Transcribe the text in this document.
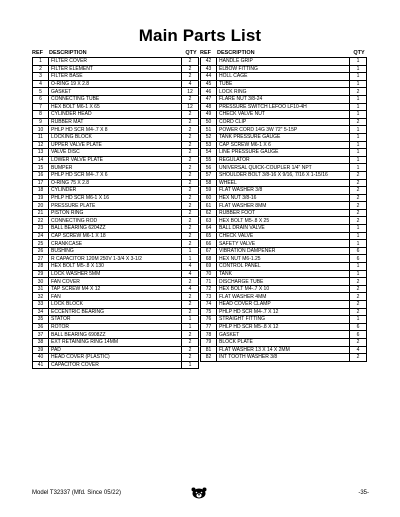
Main Parts List
REF	DESCRIPTION	QTY
1	FILTER COVER	2
2	FILTER ELEMENT	2
3	FILTER BASE	2
4	O-RING 19 X 2.8	4
5	GASKET	12
6	CONNECTING TUBE	2
7	HEX BOLT M6-1 X 65	12
8	CYLINDER HEAD	2
9	RUBBER MAT	2
10	PHLP HD SCR M4-.7 X 8	2
11	LOCKING BLOCK	2
12	UPPER VALVE PLATE	2
13	VALVE DISC	2
14	LOWER VALVE PLATE	2
15	BUMPER	2
16	PHLP HD SCR M4-.7 X 6	2
17	O-RING 75 X 2.8	2
18	CYLINDER	2
19	PHLP HD SCR M6-1 X 16	2
20	PRESSURE PLATE	2
21	PISTON RING	2
22	CONNECTING ROD	2
23	BALL BEARING 6204ZZ	2
24	CAP SCREW M6-1 X 18	2
25	CRANKCASE	2
26	BUSHING	1
27	R CAPACITOR 120M 250V 1-3/4 X 3-1/2	1
28	HEX BOLT M5-.8 X 130	4
29	LOCK WASHER 5MM	4
30	FAN COVER	2
31	TAP SCREW M4 X 12	4
32	FAN	2
33	LOCK BLOCK	2
34	ECCENTRIC BEARING	2
35	STATOR	1
36	ROTOR	1
37	BALL BEARING 6908ZZ	2
38	EXT RETAINING RING 14MM	2
39	PAD	2
40	HEAD COVER (PLASTIC)	2
41	CAPACITOR COVER	1
REF	DESCRIPTION	QTY
42	HANDLE GRIP	1
43	ELBOW FITTING	1
44	HOLL CAGE	1
45	TUBE	1
46	LOCK RING	2
47	FLARE NUT 3/8-24	1
48	PRESSURE SWITCH LEFOO LF10-4H	1
49	CHECK VALVE NUT	1
50	CORD CLIP	2
51	POWER CORD 14G 3W 72" 5-15P	1
52	TANK PRESSURE GAUGE	1
53	CAP SCREW M6-1 X 6	1
54	LINE PRESSURE GAUGE	1
55	REGULATOR	1
56	UNIVERSAL QUICK-COUPLER 1/4" NPT	1
57	SHOULDER BOLT 3/8-16 X 9/16, 7/16 X 1-15/16	2
58	WHEEL	2
59	FLAT WASHER 3/8	2
60	HEX NUT 3/8-16	2
61	FLAT WASHER 8MM	2
62	RUBBER FOOT	2
63	HEX BOLT M5-.8 X 25	2
64	BALL DRAIN VALVE	1
65	CHECK VALVE	1
66	SAFETY VALVE	1
67	VIBRATION DAMPENER	6
68	HEX NUT M6-1.25	6
69	CONTROL PANEL	1
70	TANK	1
71	DISCHARGE TUBE	2
72	HEX BOLT M4-.7 X 10	2
73	FLAT WASHER 4MM	2
74	HEAD COVER CLAMP	2
75	PHLP HD SCR M4-.7 X 12	2
76	STRAIGHT FITTING	1
77	PHLP HD SCR M5-.8 X 12	6
78	GASKET	6
79	BLOCK PLATE	2
81	FLAT WASHER 13 X 14 X 2MM	4
82	INT TOOTH WASHER 3/8	2
Model T32337 (Mfd. Since 05/22)	-35-
